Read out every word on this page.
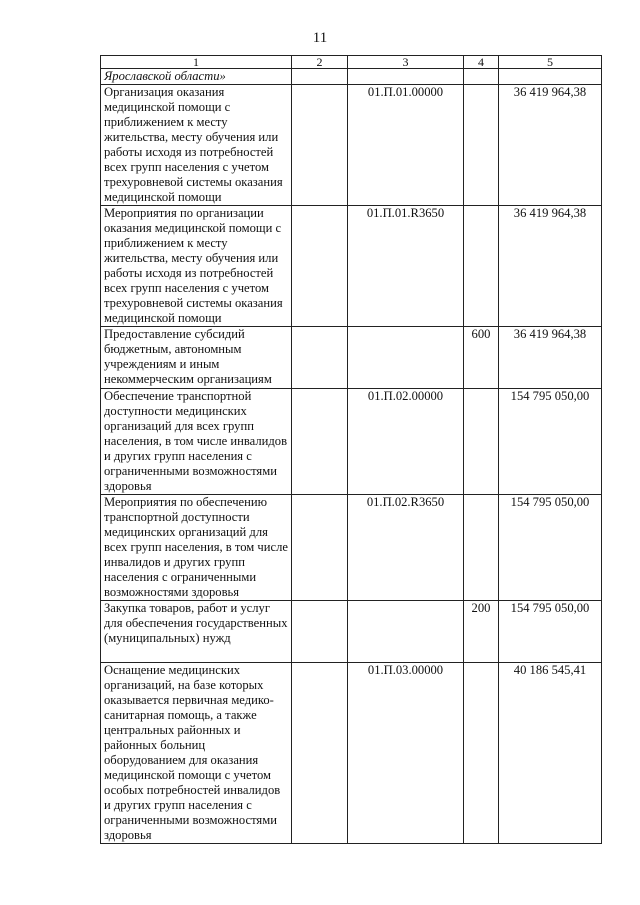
11
1	2	3	4	5
Ярославской области»				
Организация оказания медицинской помощи с приближением к месту жительства, месту обучения или работы исходя из потребностей всех групп населения с учетом трехуровневой системы оказания медицинской помощи		01.П.01.00000		36 419 964,38
Мероприятия по организации оказания медицинской помощи с приближением к месту жительства, месту обучения или работы исходя из потребностей всех групп населения с учетом трехуровневой системы оказания медицинской помощи		01.П.01.R3650		36 419 964,38
Предоставление субсидий бюджетным, автономным учреждениям и иным некоммерческим организациям			600	36 419 964,38
Обеспечение транспортной доступности медицинских организаций для всех групп населения, в том числе инвалидов и других групп населения с ограниченными возможностями здоровья		01.П.02.00000		154 795 050,00
Мероприятия по обеспечению транспортной доступности медицинских организаций для всех групп населения, в том числе инвалидов и других групп населения с ограниченными возможностями здоровья		01.П.02.R3650		154 795 050,00
Закупка товаров, работ и услуг для обеспечения государственных (муниципальных) нужд			200	154 795 050,00
Оснащение медицинских организаций, на базе которых оказывается первичная медико-санитарная помощь, а также центральных районных и районных больниц оборудованием для оказания медицинской помощи с учетом особых потребностей инвалидов и других групп населения с ограниченными возможностями здоровья		01.П.03.00000		40 186 545,41
